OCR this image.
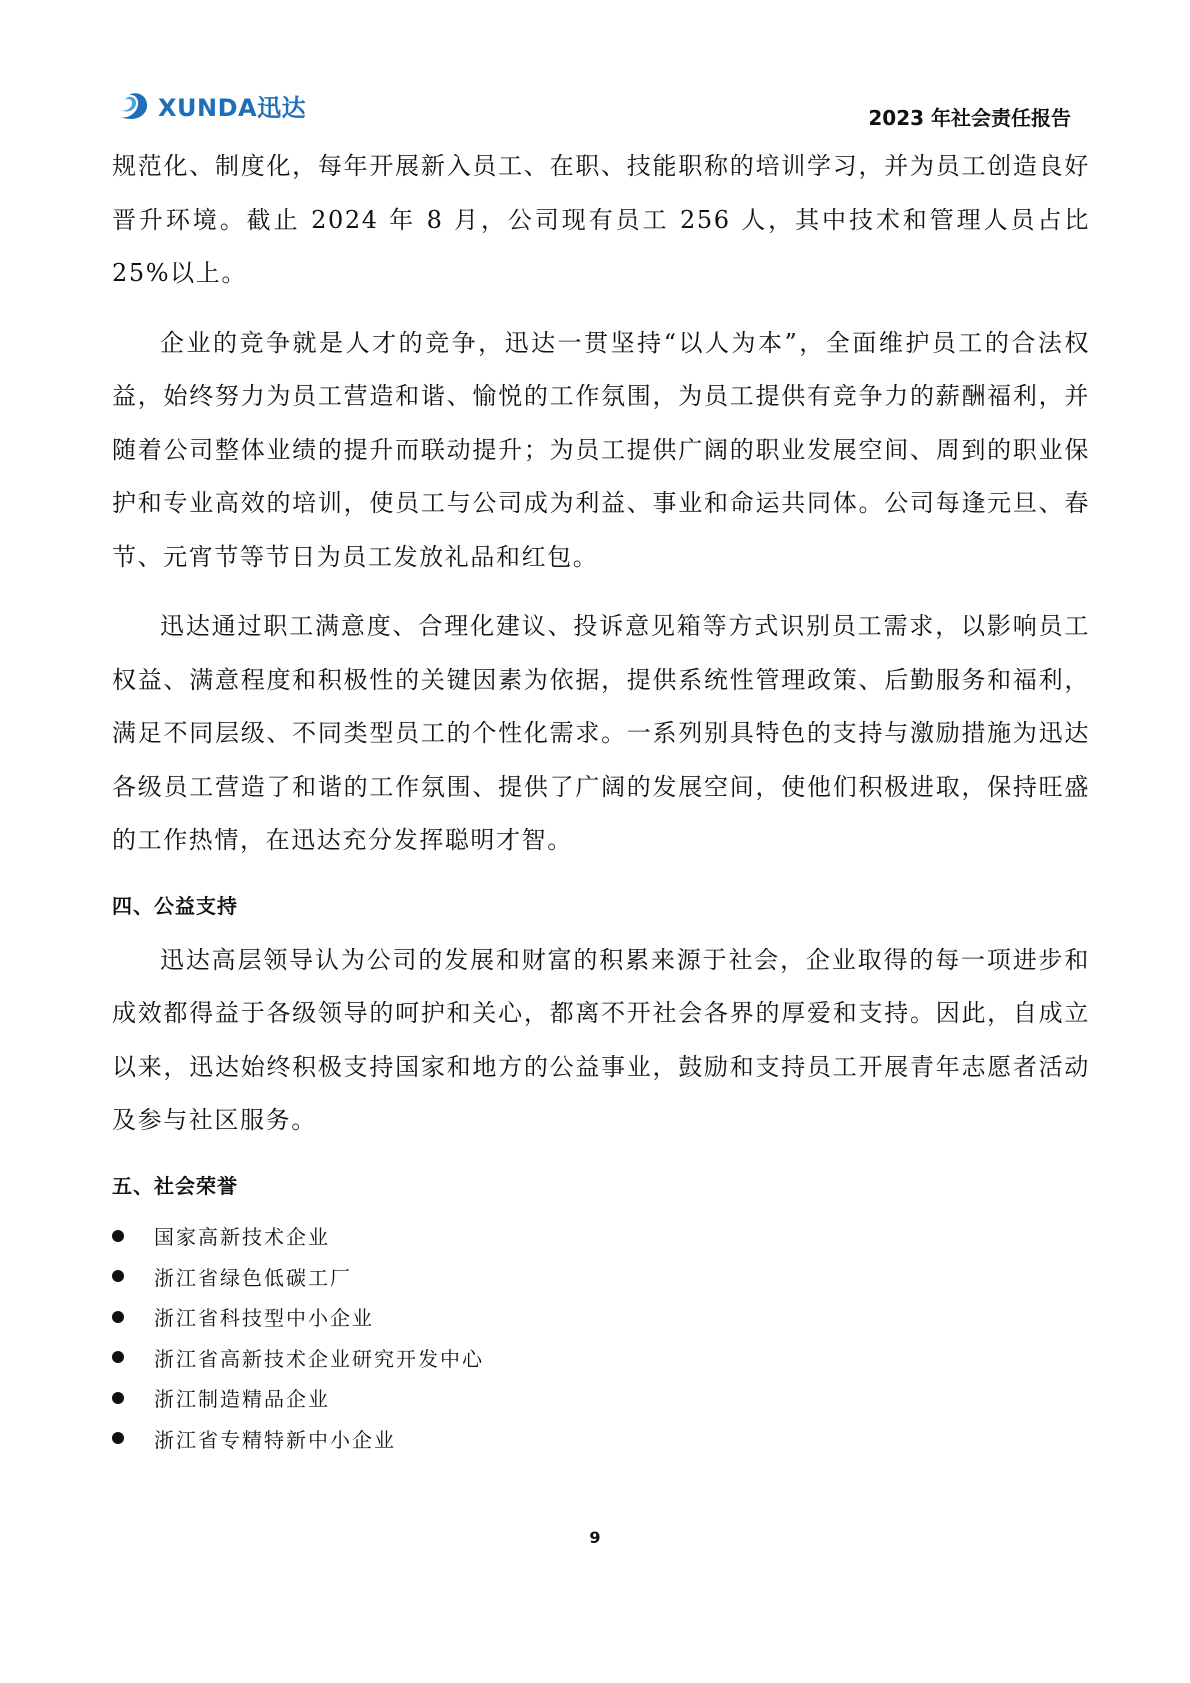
XUNDA迅达	2023 年社会责任报告

规范化、制度化，每年开展新入员工、在职、技能职称的培训学习，并为员工创造良好晋升环境。截止 2024 年 8 月，公司现有员工 256 人，其中技术和管理人员占比 25%以上。

企业的竞争就是人才的竞争，迅达一贯坚持“以人为本”，全面维护员工的合法权益，始终努力为员工营造和谐、愉悦的工作氛围，为员工提供有竞争力的薪酬福利，并随着公司整体业绩的提升而联动提升；为员工提供广阔的职业发展空间、周到的职业保护和专业高效的培训，使员工与公司成为利益、事业和命运共同体。公司每逢元旦、春节、元宵节等节日为员工发放礼品和红包。

迅达通过职工满意度、合理化建议、投诉意见箱等方式识别员工需求，以影响员工权益、满意程度和积极性的关键因素为依据，提供系统性管理政策、后勤服务和福利，满足不同层级、不同类型员工的个性化需求。一系列别具特色的支持与激励措施为迅达各级员工营造了和谐的工作氛围、提供了广阔的发展空间，使他们积极进取，保持旺盛的工作热情，在迅达充分发挥聪明才智。

四、公益支持

迅达高层领导认为公司的发展和财富的积累来源于社会，企业取得的每一项进步和成效都得益于各级领导的呵护和关心，都离不开社会各界的厚爱和支持。因此，自成立以来，迅达始终积极支持国家和地方的公益事业，鼓励和支持员工开展青年志愿者活动及参与社区服务。

五、社会荣誉
国家高新技术企业
浙江省绿色低碳工厂
浙江省科技型中小企业
浙江省高新技术企业研究开发中心
浙江制造精品企业
浙江省专精特新中小企业
9
